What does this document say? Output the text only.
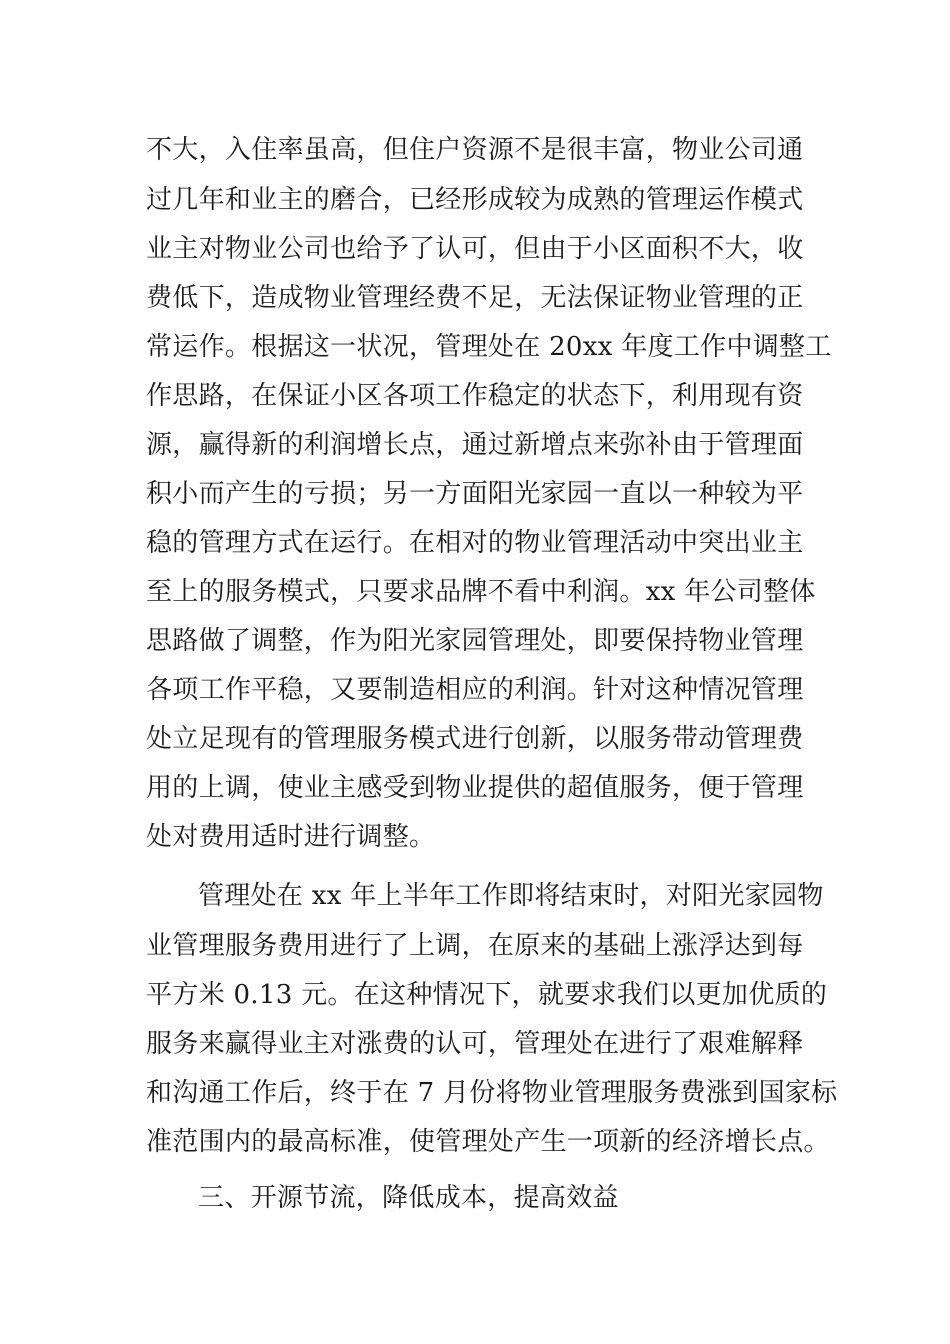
不大，入住率虽高，但住户资源不是很丰富，物业公司通
过几年和业主的磨合，已经形成较为成熟的管理运作模式
业主对物业公司也给予了认可，但由于小区面积不大，收
费低下，造成物业管理经费不足，无法保证物业管理的正
常运作。根据这一状况，管理处在 20xx 年度工作中调整工
作思路，在保证小区各项工作稳定的状态下，利用现有资
源，赢得新的利润增长点，通过新增点来弥补由于管理面
积小而产生的亏损；另一方面阳光家园一直以一种较为平
稳的管理方式在运行。在相对的物业管理活动中突出业主
至上的服务模式，只要求品牌不看中利润。xx 年公司整体
思路做了调整，作为阳光家园管理处，即要保持物业管理
各项工作平稳，又要制造相应的利润。针对这种情况管理
处立足现有的管理服务模式进行创新，以服务带动管理费
用的上调，使业主感受到物业提供的超值服务，便于管理
处对费用适时进行调整。
管理处在 xx 年上半年工作即将结束时，对阳光家园物
业管理服务费用进行了上调，在原来的基础上涨浮达到每
平方米 0.13 元。在这种情况下，就要求我们以更加优质的
服务来赢得业主对涨费的认可，管理处在进行了艰难解释
和沟通工作后，终于在 7 月份将物业管理服务费涨到国家标
准范围内的最高标准，使管理处产生一项新的经济增长点。
三、开源节流，降低成本，提高效益
